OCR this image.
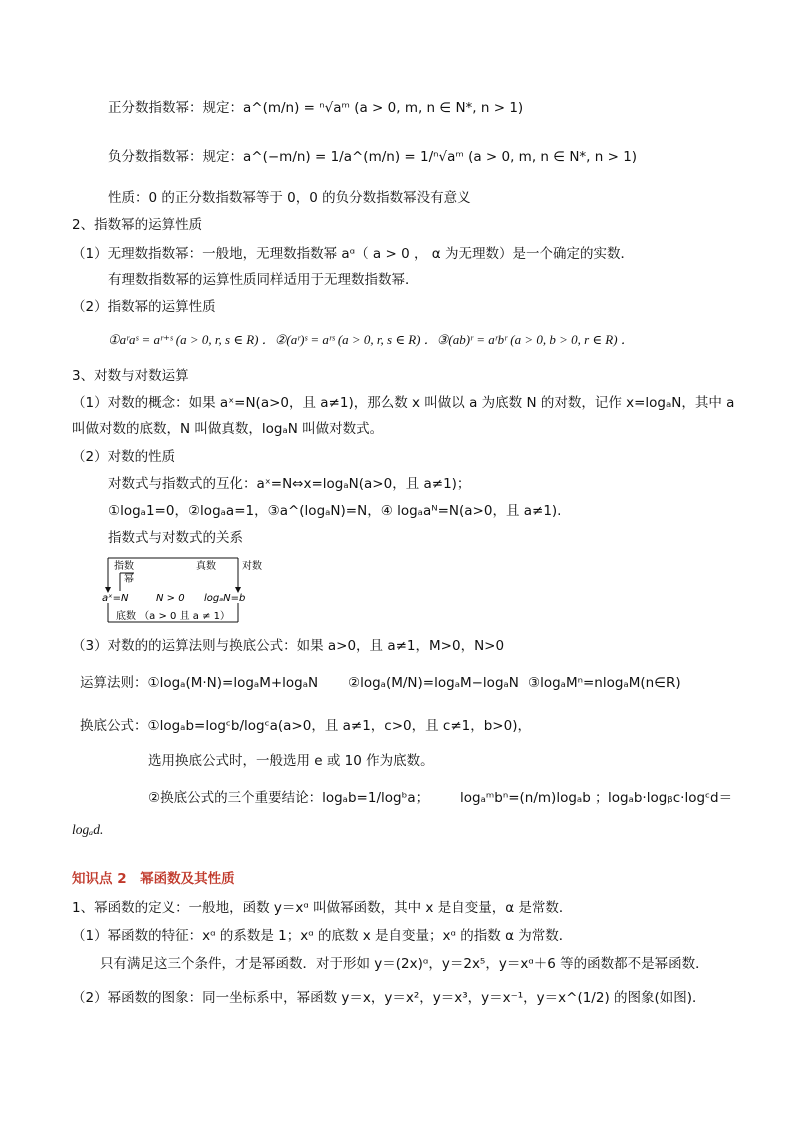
正分数指数幂：规定：a^(m/n) = ⁿ√aᵐ (a > 0, m, n ∈ N*, n > 1)
负分数指数幂：规定：a^(−m/n) = 1/a^(m/n) = 1/ⁿ√aᵐ (a > 0, m, n ∈ N*, n > 1)
性质：0 的正分数指数幂等于 0，0 的负分数指数幂没有意义
2、指数幂的运算性质
（1）无理数指数幂：一般地，无理数指数幂 aᵅ（ a > 0 ， α 为无理数）是一个确定的实数．
有理数指数幂的运算性质同样适用于无理数指数幂．
（2）指数幂的运算性质
①aʳaˢ = aʳ⁺ˢ (a > 0, r, s ∈ R) ．②(aʳ)ˢ = aʳˢ (a > 0, r, s ∈ R) ．③(ab)ʳ = aʳbʳ (a > 0, b > 0, r ∈ R) ．
3、对数与对数运算
（1）对数的概念：如果 aˣ=N(a>0，且 a≠1)，那么数 x 叫做以 a 为底数 N 的对数，记作 x=logₐN，其中 a
叫做对数的底数，N 叫做真数，logₐN 叫做对数式。
（2）对数的性质
对数式与指数式的互化：aˣ=N⇔x=logₐN(a>0，且 a≠1)；
①logₐ1=0，②logₐa=1，③a^(logₐN)=N，④ logₐaᴺ=N(a>0，且 a≠1).
指数式与对数式的关系
指数	真数	对数
幂
aˣ=N	N > 0 logₐN=b
底数 （a > 0 且 a ≠ 1）
（3）对数的的运算法则与换底公式：如果 a>0，且 a≠1，M>0，N>0
运算法则：①logₐ(M·N)=logₐM+logₐN ②logₐ(M/N)=logₐM−logₐN ③logₐMⁿ=nlogₐM(n∈R)
换底公式：①logₐb=logᶜb/logᶜa(a>0，且 a≠1，c>0，且 c≠1，b>0)，
选用换底公式时，一般选用 e 或 10 作为底数。
②换底公式的三个重要结论：logₐb=1/logᵇa； logₐᵐbⁿ=(n/m)logₐb ； logₐb·logᵦc·logᶜd＝
logₐd.
知识点 2　幂函数及其性质
1、幂函数的定义：一般地，函数 y＝xᵅ 叫做幂函数，其中 x 是自变量，α 是常数．
（1）幂函数的特征：xᵅ 的系数是 1；xᵅ 的底数 x 是自变量；xᵅ 的指数 α 为常数．
只有满足这三个条件，才是幂函数．对于形如 y＝(2x)ᵅ，y＝2x⁵，y＝xᵅ＋6 等的函数都不是幂函数．
（2）幂函数的图象：同一坐标系中，幂函数 y＝x，y＝x²，y＝x³，y＝x⁻¹，y＝x^(1/2) 的图象(如图)．
